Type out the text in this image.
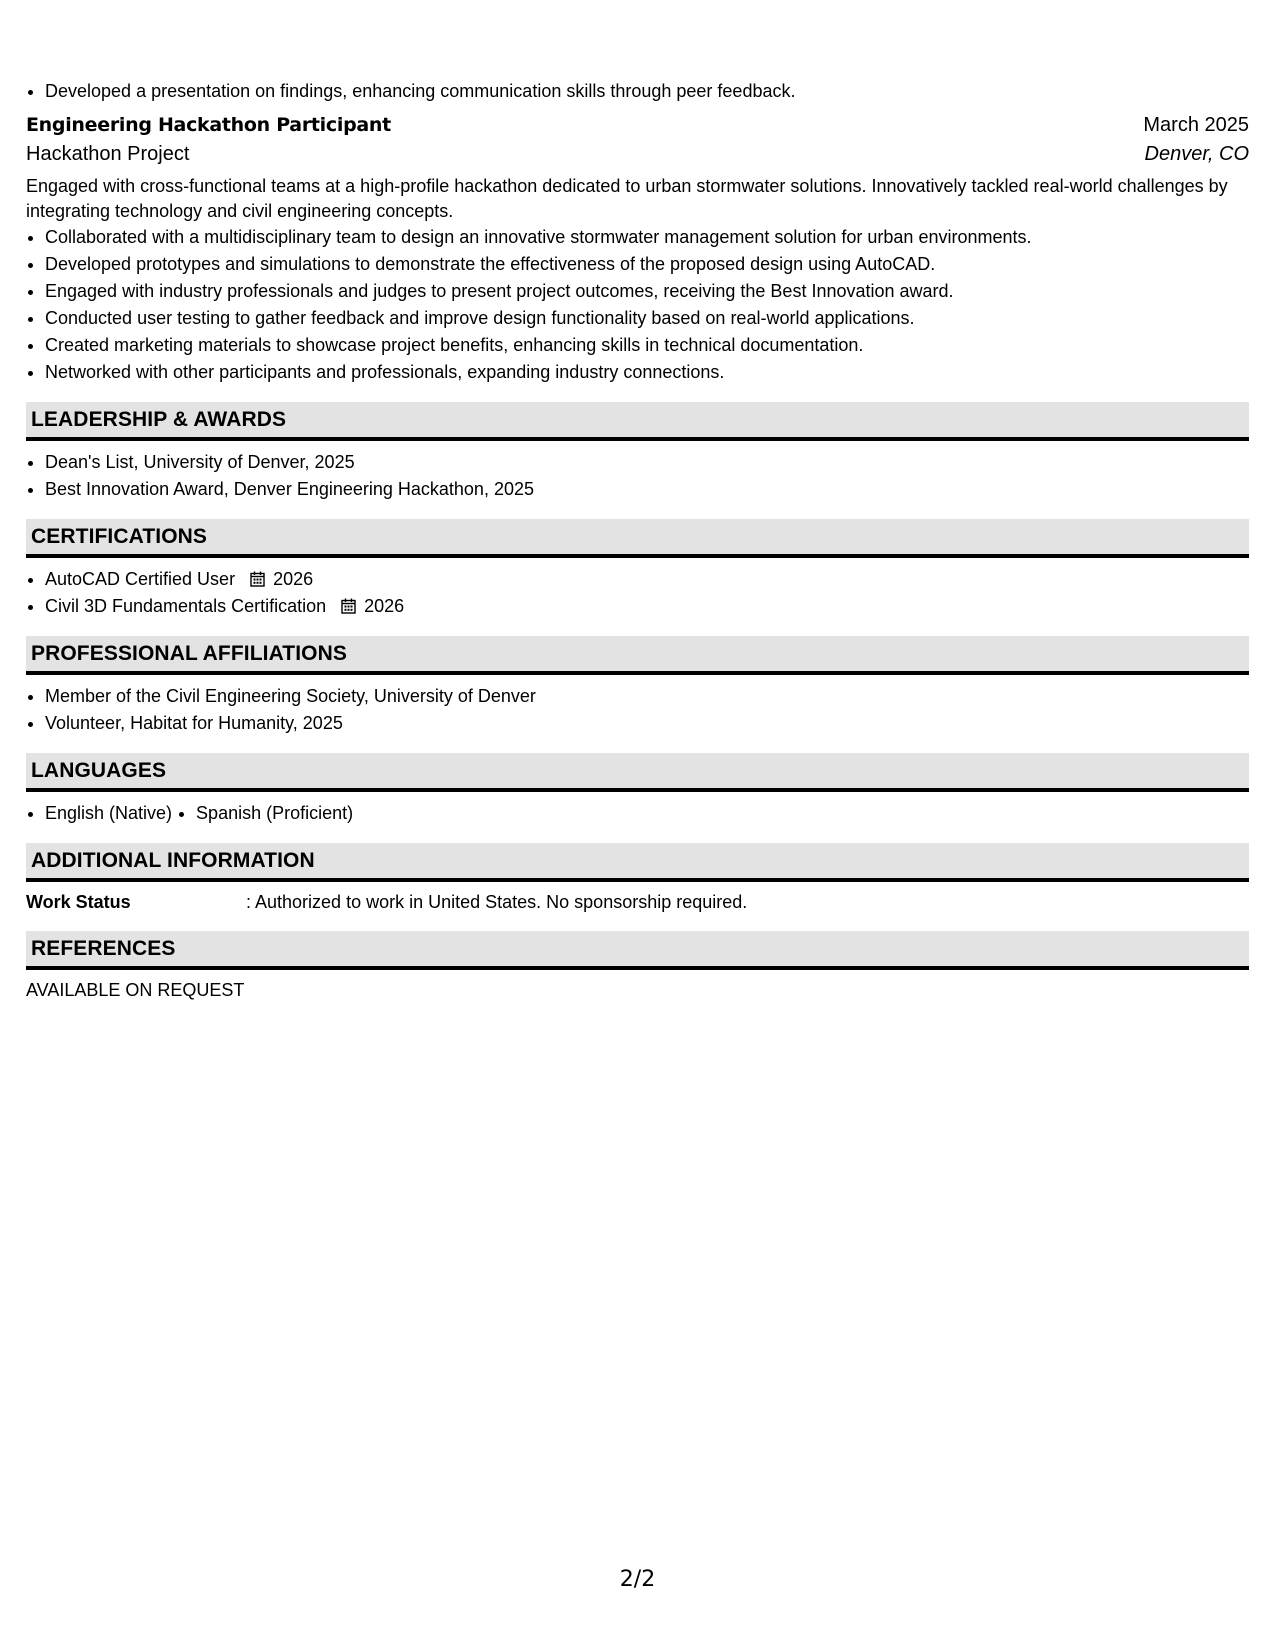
• Developed a presentation on findings, enhancing communication skills through peer feedback.
Engineering Hackathon Participant	March 2025
Hackathon Project	Denver, CO
Engaged with cross-functional teams at a high-profile hackathon dedicated to urban stormwater solutions. Innovatively tackled real-world challenges by integrating technology and civil engineering concepts.
• Collaborated with a multidisciplinary team to design an innovative stormwater management solution for urban environments.
• Developed prototypes and simulations to demonstrate the effectiveness of the proposed design using AutoCAD.
• Engaged with industry professionals and judges to present project outcomes, receiving the Best Innovation award.
• Conducted user testing to gather feedback and improve design functionality based on real-world applications.
• Created marketing materials to showcase project benefits, enhancing skills in technical documentation.
• Networked with other participants and professionals, expanding industry connections.
LEADERSHIP & AWARDS
• Dean's List, University of Denver, 2025
• Best Innovation Award, Denver Engineering Hackathon, 2025
CERTIFICATIONS
• AutoCAD Certified User 2026
• Civil 3D Fundamentals Certification 2026
PROFESSIONAL AFFILIATIONS
• Member of the Civil Engineering Society, University of Denver
• Volunteer, Habitat for Humanity, 2025
LANGUAGES
• English (Native)
• Spanish (Proficient)
ADDITIONAL INFORMATION
Work Status	: Authorized to work in United States. No sponsorship required.
REFERENCES
AVAILABLE ON REQUEST
2/2
